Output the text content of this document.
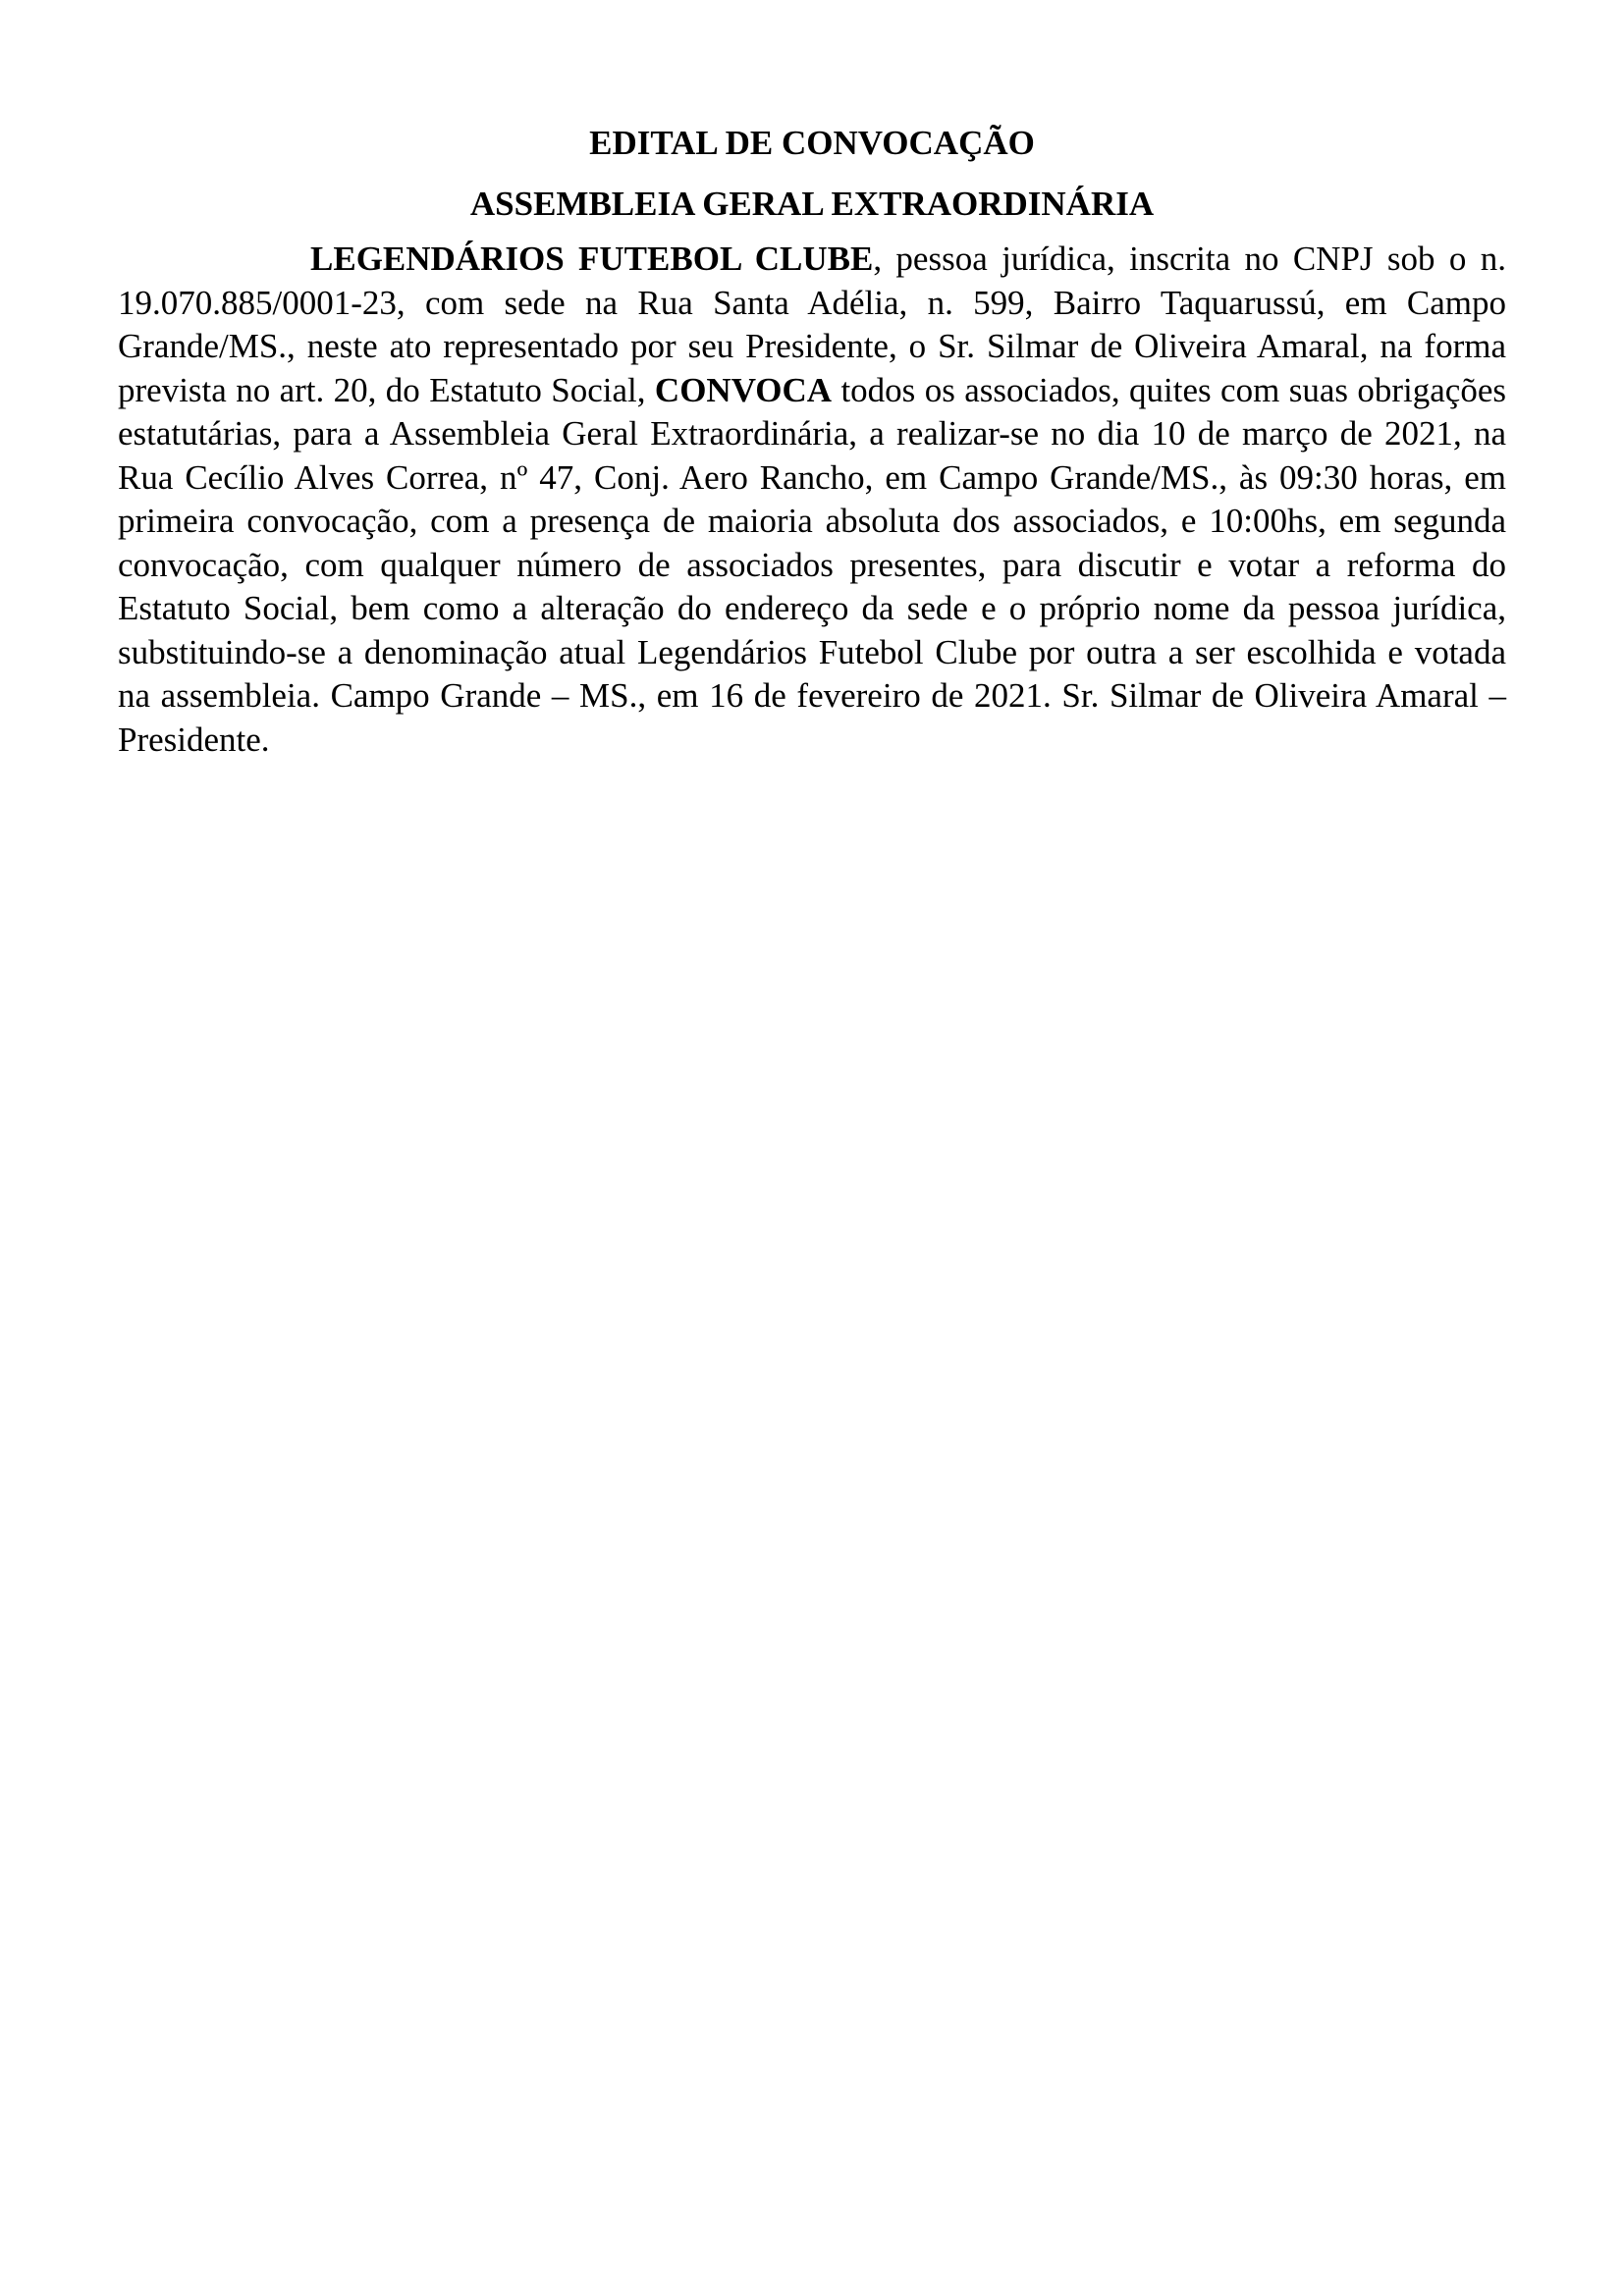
EDITAL DE CONVOCAÇÃO
ASSEMBLEIA GERAL EXTRAORDINÁRIA

LEGENDÁRIOS FUTEBOL CLUBE, pessoa jurídica, inscrita no CNPJ sob o n. 19.070.885/0001-23, com sede na Rua Santa Adélia, n. 599, Bairro Taquarussú, em Campo Grande/MS., neste ato representado por seu Presidente, o Sr. Silmar de Oliveira Amaral, na forma prevista no art. 20, do Estatuto Social, CONVOCA todos os associados, quites com suas obrigações estatutárias, para a Assembleia Geral Extraordinária, a realizar-se no dia 10 de março de 2021, na Rua Cecílio Alves Correa, nº 47, Conj. Aero Rancho, em Campo Grande/MS., às 09:30 horas, em primeira convocação, com a presença de maioria absoluta dos associados, e 10:00hs, em segunda convocação, com qualquer número de associados presentes, para discutir e votar a reforma do Estatuto Social, bem como a alteração do endereço da sede e o próprio nome da pessoa jurídica, substituindo-se a denominação atual Legendários Futebol Clube por outra a ser escolhida e votada na assembleia. Campo Grande – MS., em 16 de fevereiro de 2021. Sr. Silmar de Oliveira Amaral – Presidente.
